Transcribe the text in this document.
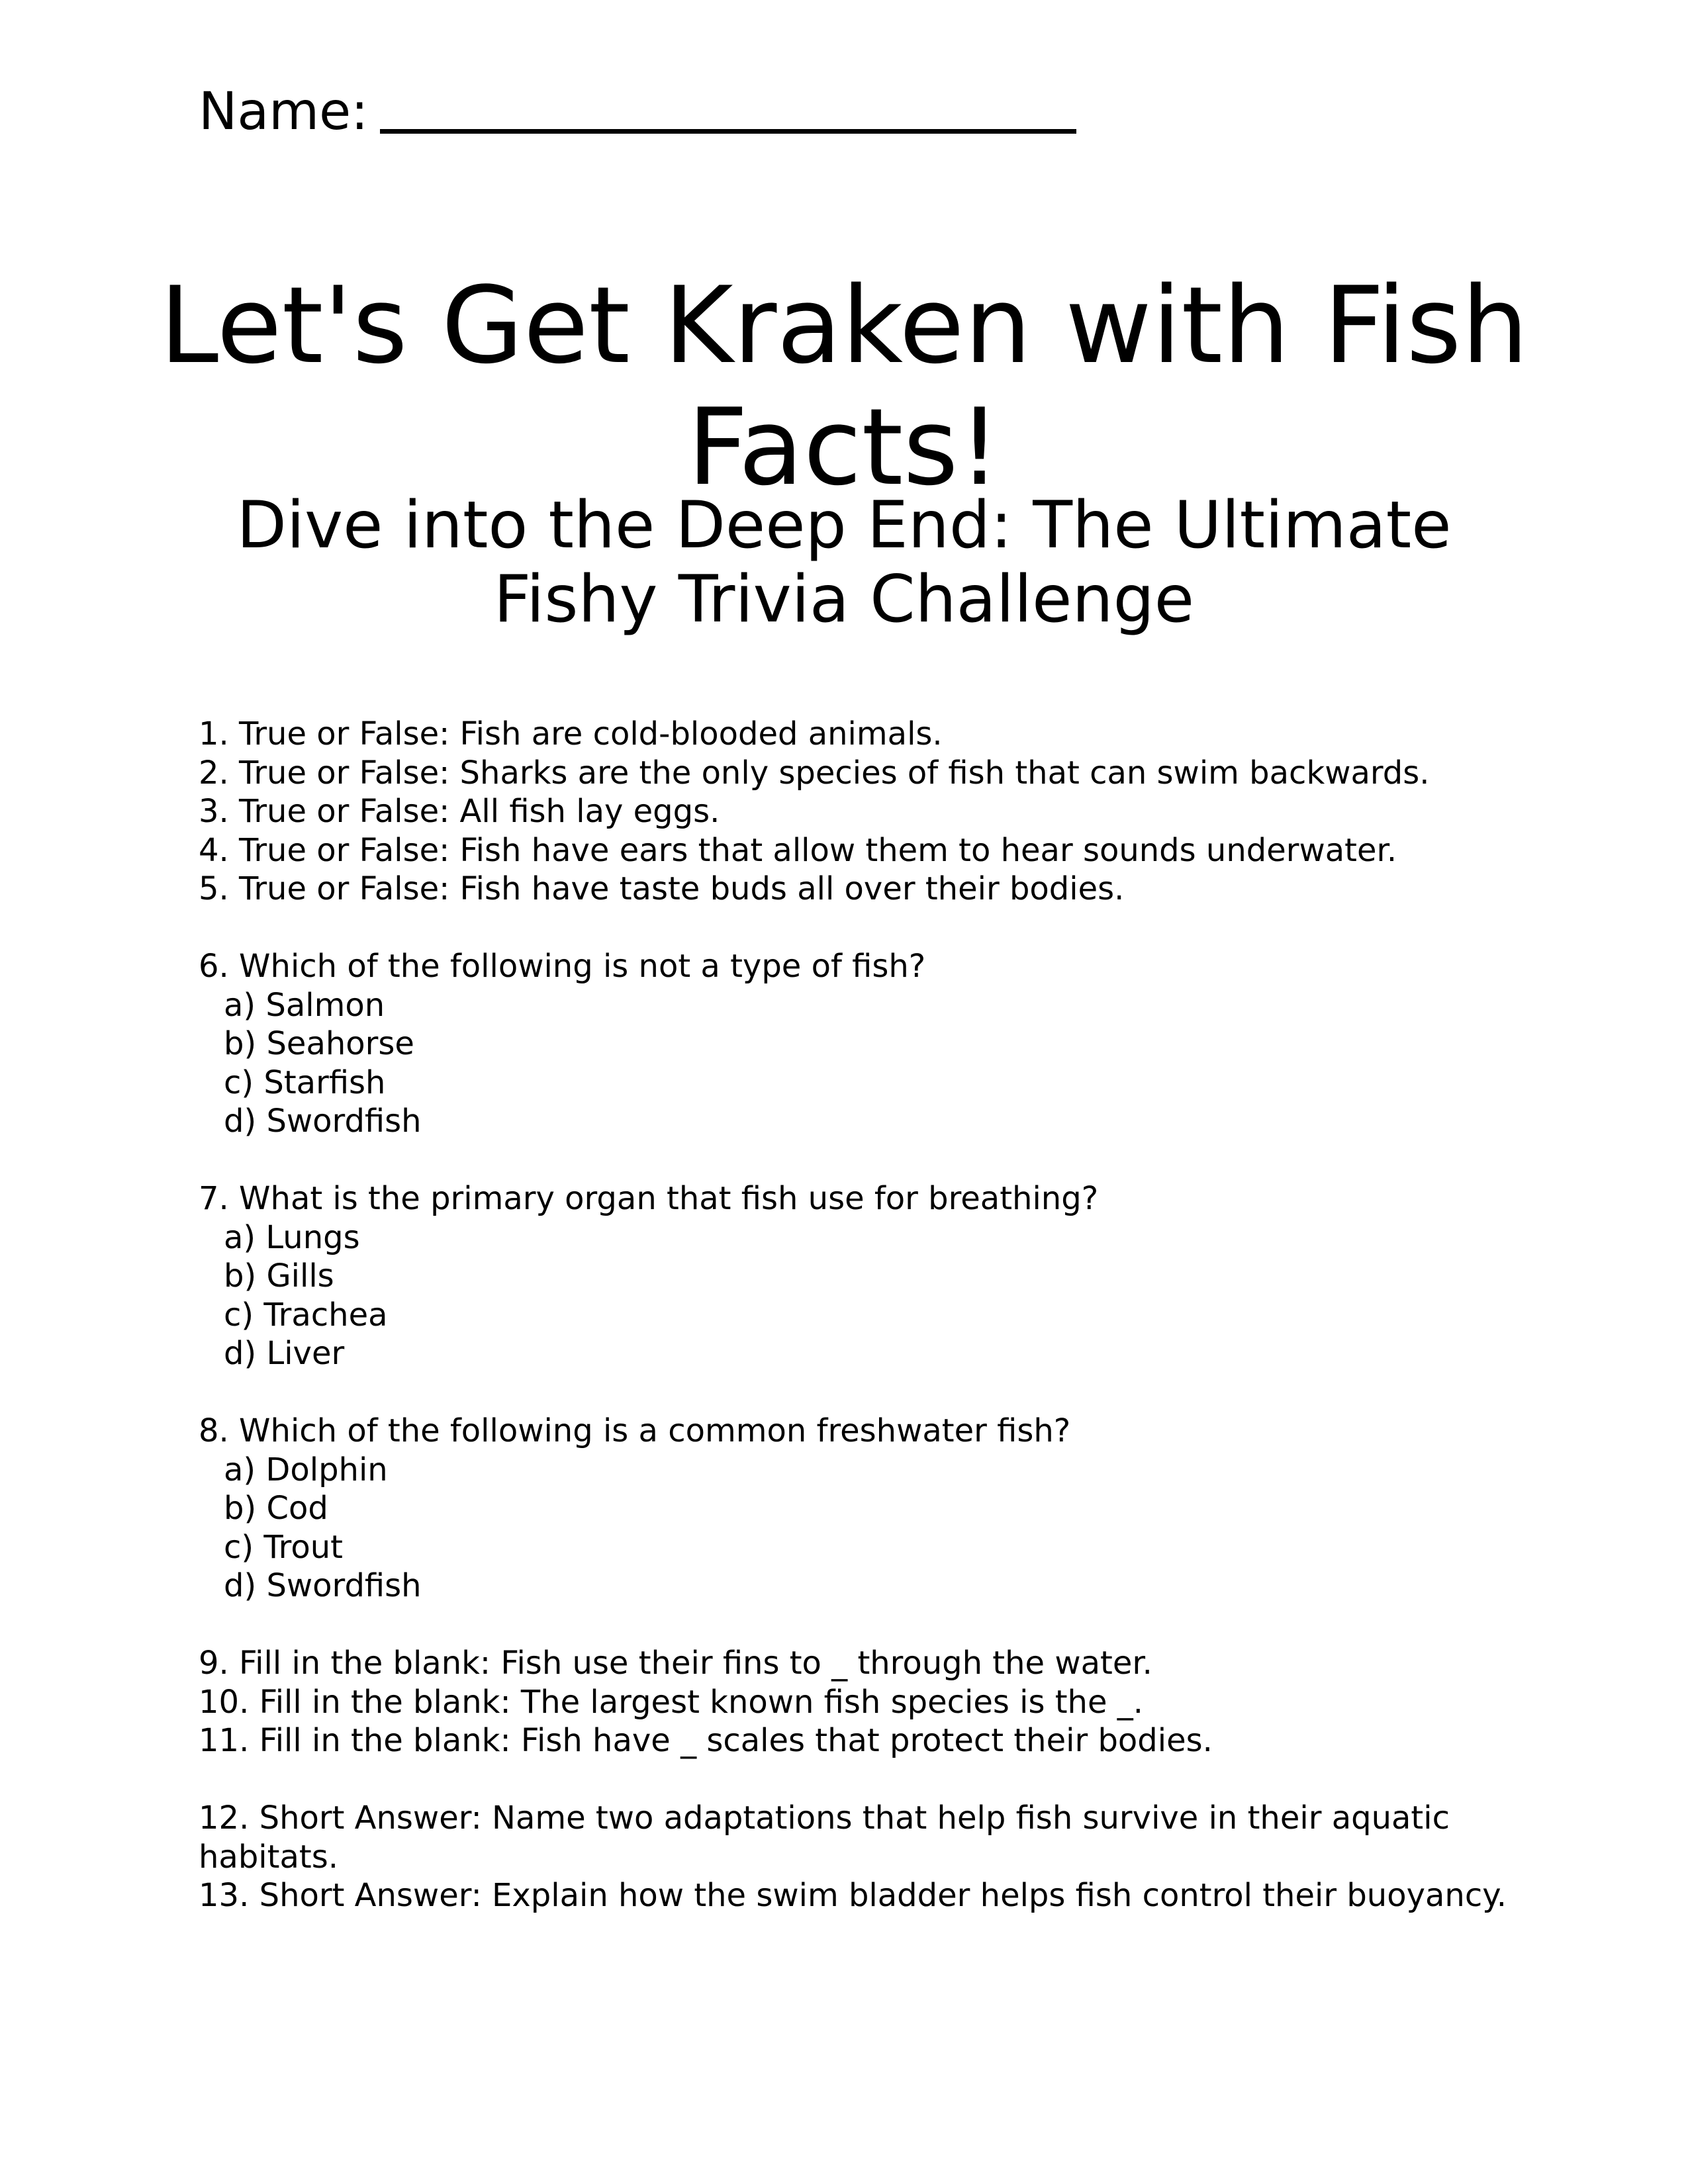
Name:
Let's Get Kraken with Fish Facts!
Dive into the Deep End: The Ultimate Fishy Trivia Challenge
1. True or False: Fish are cold-blooded animals.
2. True or False: Sharks are the only species of fish that can swim backwards.
3. True or False: All fish lay eggs.
4. True or False: Fish have ears that allow them to hear sounds underwater.
5. True or False: Fish have taste buds all over their bodies.
6. Which of the following is not a type of fish?
a) Salmon
b) Seahorse
c) Starfish
d) Swordfish
7. What is the primary organ that fish use for breathing?
a) Lungs
b) Gills
c) Trachea
d) Liver
8. Which of the following is a common freshwater fish?
a) Dolphin
b) Cod
c) Trout
d) Swordfish
9. Fill in the blank: Fish use their fins to _ through the water.
10. Fill in the blank: The largest known fish species is the _.
11. Fill in the blank: Fish have _ scales that protect their bodies.
12. Short Answer: Name two adaptations that help fish survive in their aquatic habitats.
13. Short Answer: Explain how the swim bladder helps fish control their buoyancy.
